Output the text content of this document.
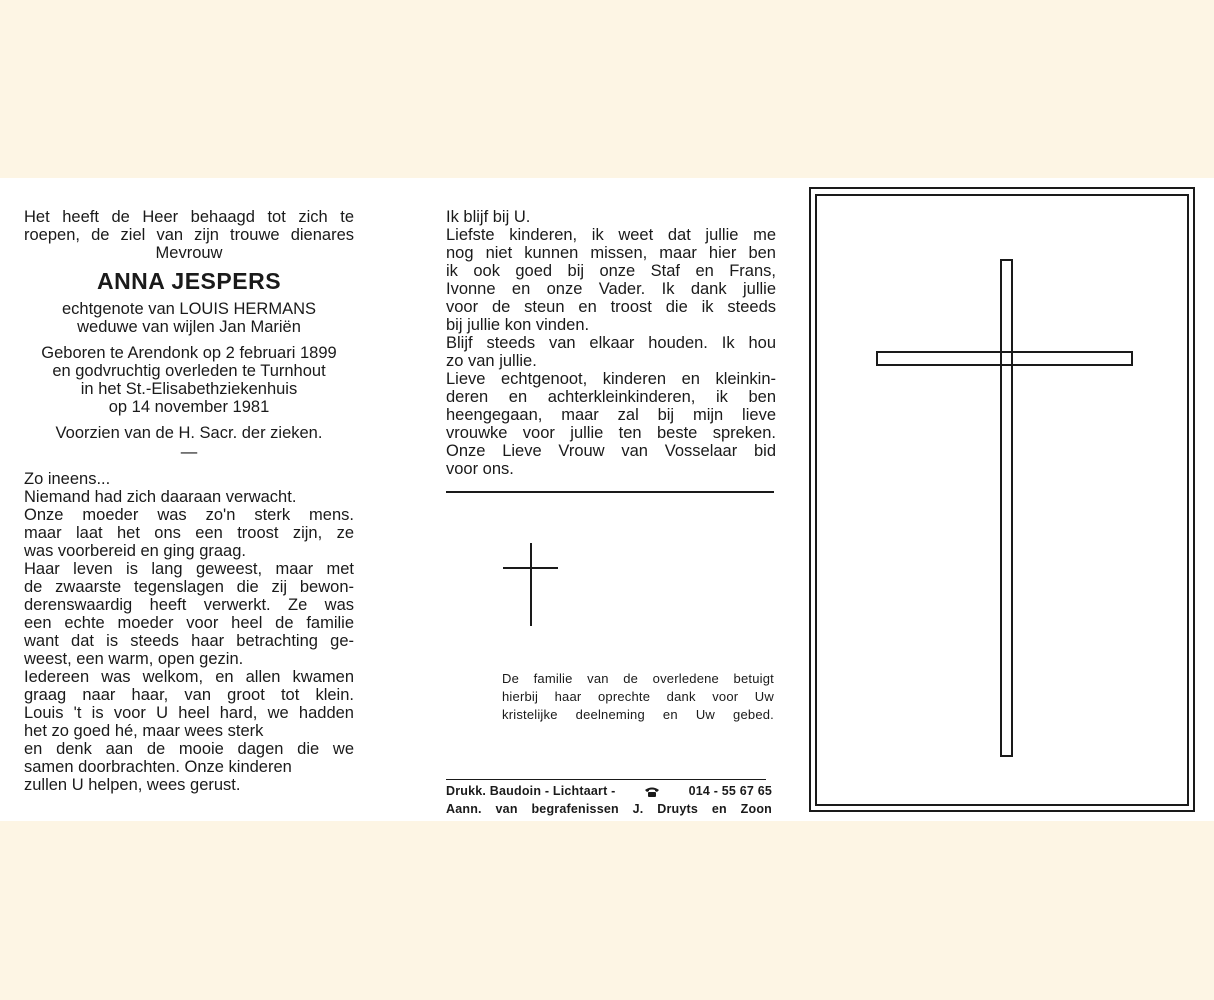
Het heeft de Heer behaagd tot zich te
roepen, de ziel van zijn trouwe dienares
Mevrouw
ANNA JESPERS
echtgenote van LOUIS HERMANS
weduwe van wijlen Jan Mariën
Geboren te Arendonk op 2 februari 1899
en godvruchtig overleden te Turnhout
in het St.-Elisabethziekenhuis
op 14 november 1981
Voorzien van de H. Sacr. der zieken.
—
Zo ineens...
Niemand had zich daaraan verwacht.
Onze moeder was zo'n sterk mens.
maar laat het ons een troost zijn, ze
was voorbereid en ging graag.
Haar leven is lang geweest, maar met
de zwaarste tegenslagen die zij bewon-
derenswaardig heeft verwerkt. Ze was
een echte moeder voor heel de familie
want dat is steeds haar betrachting ge-
weest, een warm, open gezin.
Iedereen was welkom, en allen kwamen
graag naar haar, van groot tot klein.
Louis 't is voor U heel hard, we hadden
het zo goed hé, maar wees sterk
en denk aan de mooie dagen die we
samen doorbrachten. Onze kinderen
zullen U helpen, wees gerust.
Ik blijf bij U.
Liefste kinderen, ik weet dat jullie me
nog niet kunnen missen, maar hier ben
ik ook goed bij onze Staf en Frans,
Ivonne en onze Vader. Ik dank jullie
voor de steun en troost die ik steeds
bij jullie kon vinden.
Blijf steeds van elkaar houden. Ik hou
zo van jullie.
Lieve echtgenoot, kinderen en kleinkin-
deren en achterkleinkinderen, ik ben
heengegaan, maar zal bij mijn lieve
vrouwke voor jullie ten beste spreken.
Onze Lieve Vrouw van Vosselaar bid
voor ons.
De familie van de overledene betuigt
hierbij haar oprechte dank voor Uw
kristelijke deelneming en Uw gebed.
Drukk. Baudoin - Lichtaart -	014 - 55 67 65
Aann. van begrafenissen J. Druyts en Zoon
